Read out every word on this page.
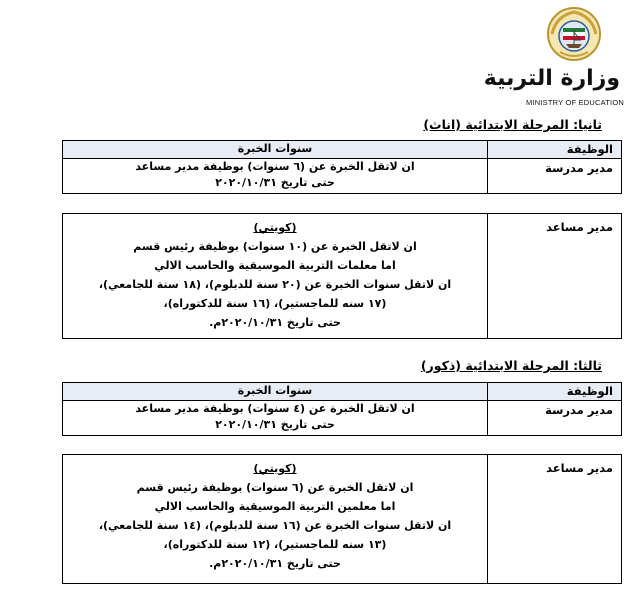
وزارة التربية
MINISTRY OF EDUCATION
ثانيا: المرحلة الابتدائية (اناث)
سنوات الخبرة	الوظيفة
ان لاتقل الخبرة عن (٦ سنوات) بوظيفة مدير مساعد
حتى تاريخ ٢٠٢٠/١٠/٣١
مدير مدرسة
(كويتي)
ان لاتقل الخبرة عن (١٠ سنوات) بوظيفة رئيس قسم
اما معلمات التربية الموسيقية والحاسب الالي
ان لاتقل سنوات الخبرة عن (٢٠ سنة للدبلوم)، (١٨ سنة للجامعي)،
(١٧ سنه للماجستير)، (١٦ سنة للدكتوراه)،
حتى تاريخ ٢٠٢٠/١٠/٣١م.
مدير مساعد
ثالثا: المرحلة الابتدائية (ذكور)
سنوات الخبرة	الوظيفة
ان لاتقل الخبرة عن (٤ سنوات) بوظيفة مدير مساعد
حتى تاريخ ٢٠٢٠/١٠/٣١
مدير مدرسة
(كويتي)
ان لاتقل الخبرة عن (٦ سنوات) بوظيفة رئيس قسم
اما معلمين التربية الموسيقية والحاسب الالي
ان لاتقل سنوات الخبرة عن (١٦ سنة للدبلوم)، (١٤ سنة للجامعي)،
(١٣ سنه للماجستير)، (١٢ سنة للدكتوراه)،
حتى تاريخ ٢٠٢٠/١٠/٣١م.
مدير مساعد
